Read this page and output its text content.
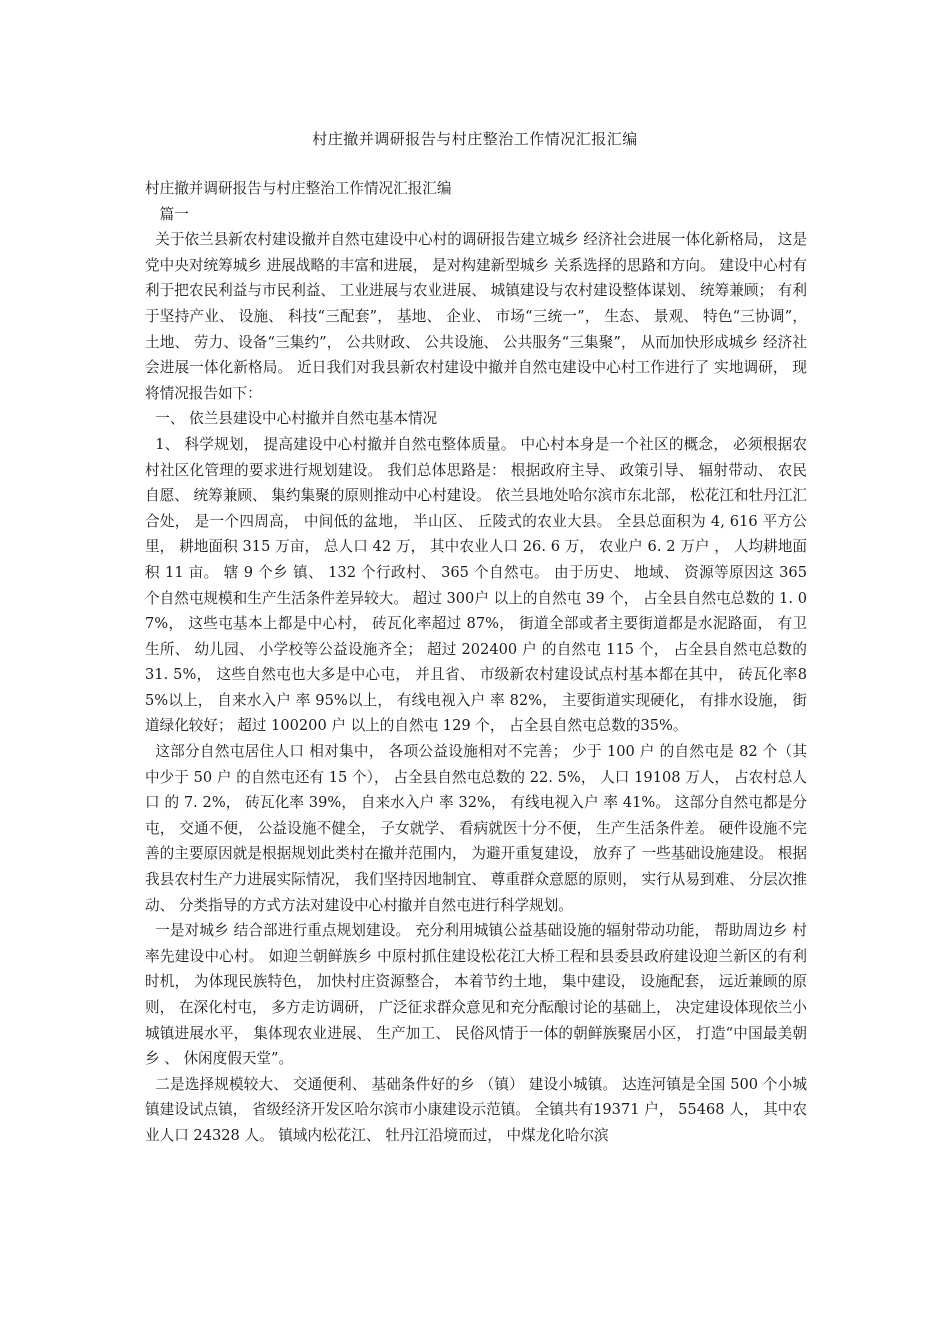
村庄撤并调研报告与村庄整治工作情况汇报汇编

村庄撤并调研报告与村庄整治工作情况汇报汇编

篇一

关于依兰县新农村建设撤并自然屯建设中心村的调研报告建立城乡 经济社会进展一体化新格局， 这是党中央对统筹城乡 进展战略的丰富和进展， 是对构建新型城乡 关系选择的思路和方向。 建设中心村有利于把农民利益与市民利益、 工业进展与农业进展、 城镇建设与农村建设整体谋划、 统筹兼顾； 有利于坚持产业、 设施、 科技“三配套”， 基地、 企业、 市场“三统一”， 生态、 景观、 特色“三协调”， 土地、 劳力、设备“三集约”， 公共财政、 公共设施、 公共服务“三集聚”， 从而加快形成城乡 经济社会进展一体化新格局。 近日我们对我县新农村建设中撤并自然屯建设中心村工作进行了 实地调研， 现将情况报告如下：

一、 依兰县建设中心村撤并自然屯基本情况

1、 科学规划， 提高建设中心村撤并自然屯整体质量。 中心村本身是一个社区的概念， 必须根据农村社区化管理的要求进行规划建设。 我们总体思路是： 根据政府主导、 政策引导、 辐射带动、 农民自愿、 统筹兼顾、 集约集聚的原则推动中心村建设。 依兰县地处哈尔滨市东北部， 松花江和牡丹江汇合处， 是一个四周高， 中间低的盆地， 半山区、 丘陵式的农业大县。 全县总面积为 4, 616 平方公里， 耕地面积 315 万亩， 总人口 42 万， 其中农业人口 26. 6 万， 农业户 6. 2 万户 ， 人均耕地面积 11 亩。 辖 9 个乡 镇、 132 个行政村、 365 个自然屯。 由于历史、 地域、 资源等原因这 365 个自然屯规模和生产生活条件差异较大。 超过 300户 以上的自然屯 39 个， 占全县自然屯总数的 1. 07%， 这些屯基本上都是中心村， 砖瓦化率超过 87%， 街道全部或者主要街道都是水泥路面， 有卫生所、 幼儿园、 小学校等公益设施齐全； 超过 202400 户 的自然屯 115 个， 占全县自然屯总数的 31. 5%， 这些自然屯也大多是中心屯， 并且省、 市级新农村建设试点村基本都在其中， 砖瓦化率85%以上， 自来水入户 率 95%以上， 有线电视入户 率 82%， 主要街道实现硬化， 有排水设施， 街道绿化较好； 超过 100200 户 以上的自然屯 129 个， 占全县自然屯总数的35%。

这部分自然屯居住人口 相对集中， 各项公益设施相对不完善； 少于 100 户 的自然屯是 82 个（其中少于 50 户 的自然屯还有 15 个）， 占全县自然屯总数的 22. 5%， 人口 19108 万人， 占农村总人口 的 7. 2%， 砖瓦化率 39%， 自来水入户 率 32%， 有线电视入户 率 41%。 这部分自然屯都是分屯， 交通不便， 公益设施不健全， 子女就学、 看病就医十分不便， 生产生活条件差。 硬件设施不完善的主要原因就是根据规划此类村在撤并范围内， 为避开重复建设， 放弃了 一些基础设施建设。 根据我县农村生产力进展实际情况， 我们坚持因地制宜、 尊重群众意愿的原则， 实行从易到难、 分层次推动、 分类指导的方式方法对建设中心村撤并自然屯进行科学规划。

一是对城乡 结合部进行重点规划建设。 充分利用城镇公益基础设施的辐射带动功能， 帮助周边乡 村率先建设中心村。 如迎兰朝鲜族乡 中原村抓住建设松花江大桥工程和县委县政府建设迎兰新区的有利时机， 为体现民族特色， 加快村庄资源整合， 本着节约土地， 集中建设， 设施配套， 远近兼顾的原则， 在深化村屯， 多方走访调研， 广泛征求群众意见和充分酝酿讨论的基础上， 决定建设体现依兰小城镇进展水平， 集体现农业进展、 生产加工、 民俗风情于一体的朝鲜族聚居小区， 打造“中国最美朝乡 、 休闲度假天堂”。

二是选择规模较大、 交通便利、 基础条件好的乡 （镇） 建设小城镇。 达连河镇是全国 500 个小城镇建设试点镇， 省级经济开发区哈尔滨市小康建设示范镇。 全镇共有19371 户， 55468 人， 其中农业人口 24328 人。 镇域内松花江、 牡丹江沿境而过， 中煤龙化哈尔滨
